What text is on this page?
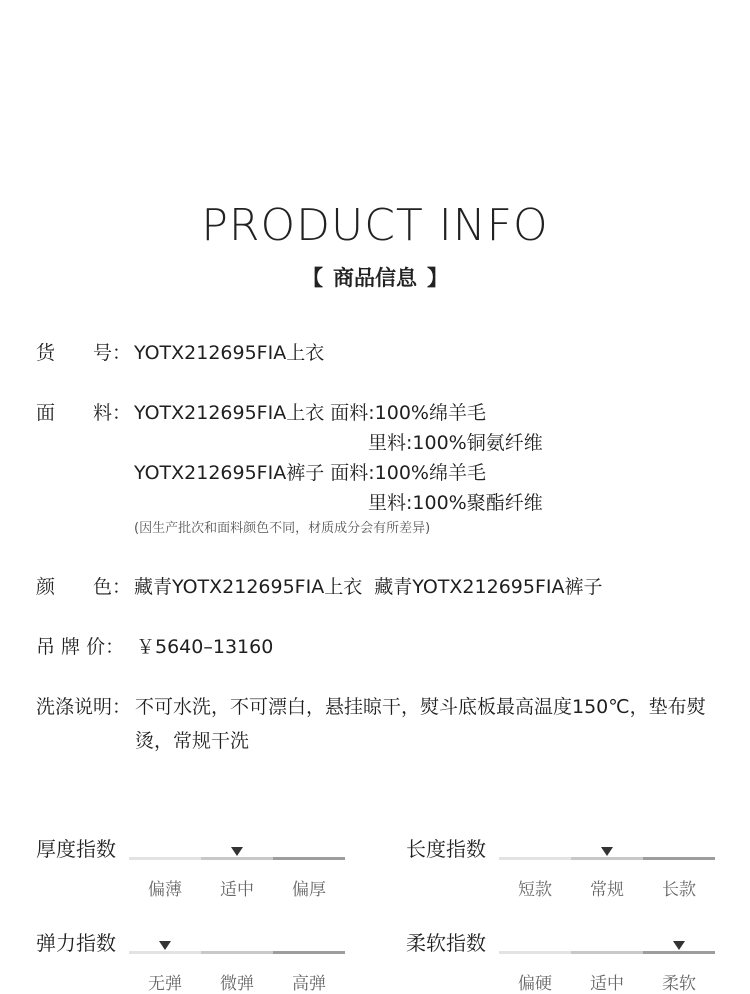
PRODUCT INFO
【 商品信息 】
货　　号： YOTX212695FIA上衣
面　　料： YOTX212695FIA上衣 面料:100%绵羊毛
里料:100%铜氨纤维
YOTX212695FIA裤子 面料:100%绵羊毛
里料:100%聚酯纤维
(因生产批次和面料颜色不同，材质成分会有所差异)
颜　　色： 藏青YOTX212695FIA上衣  藏青YOTX212695FIA裤子
吊 牌 价： ￥5640–13160
洗涤说明： 不可水洗，不可漂白，悬挂晾干，熨斗底板最高温度150℃，垫布熨烫，常规干洗
厚度指数
偏薄	适中	偏厚
长度指数
短款	常规	长款
弹力指数
无弹	微弹	高弹
柔软指数
偏硬	适中	柔软
